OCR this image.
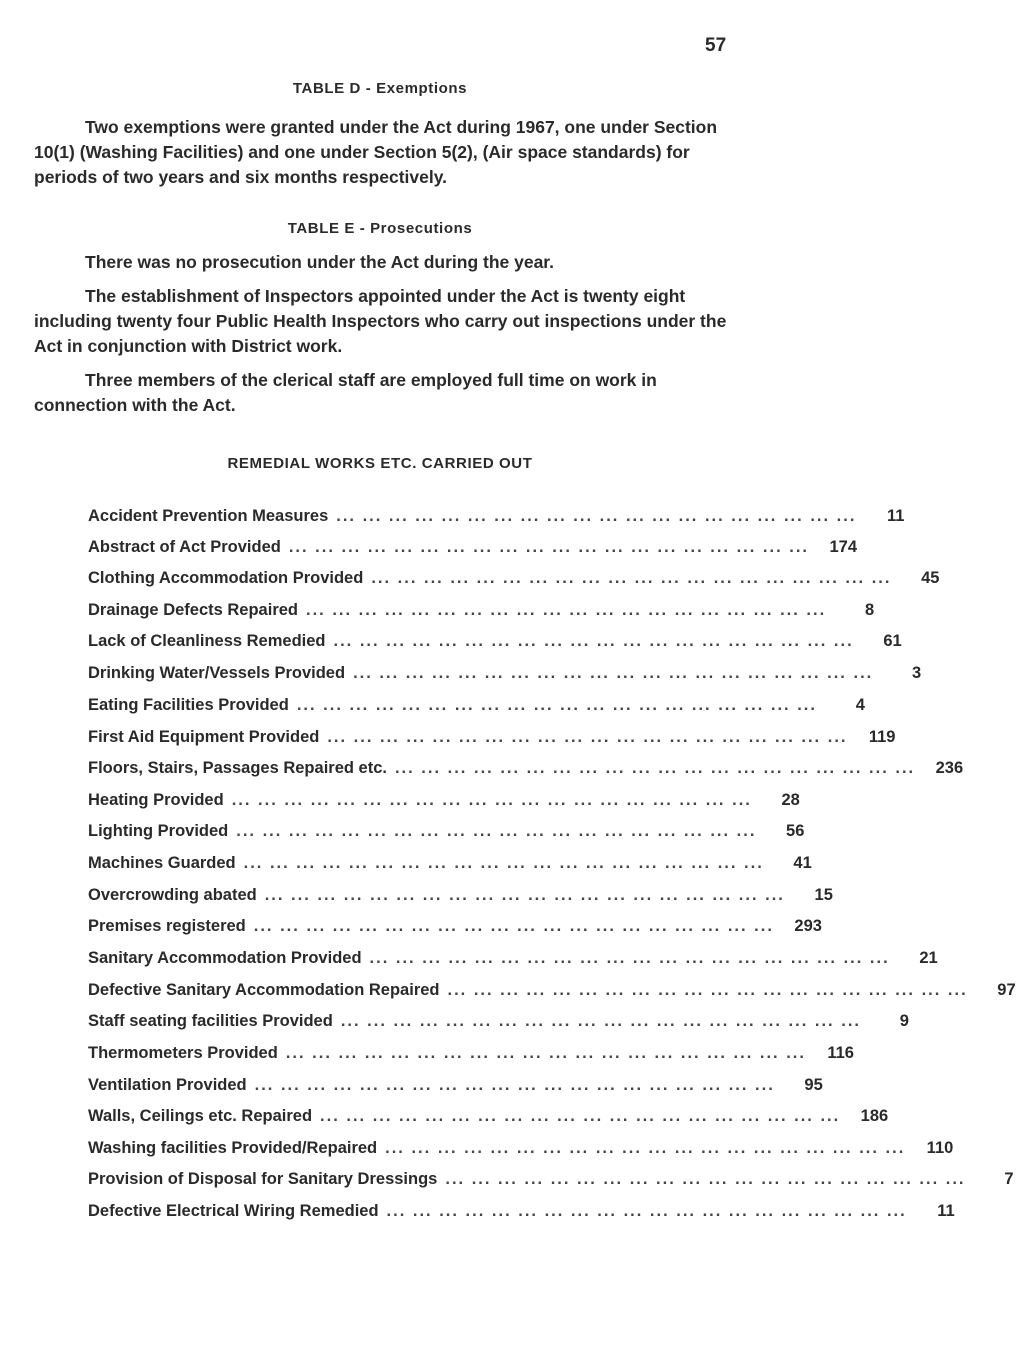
57
TABLE D - Exemptions

Two exemptions were granted under the Act during 1967, one under Section 10(1) (Washing Facilities) and one under Section 5(2), (Air space standards) for periods of two years and six months respectively.

TABLE E - Prosecutions

There was no prosecution under the Act during the year.

The establishment of Inspectors appointed under the Act is twenty eight including twenty four Public Health Inspectors who carry out inspections under the Act in conjunction with District work.

Three members of the clerical staff are employed full time on work in connection with the Act.

REMEDIAL WORKS ETC. CARRIED OUT
Accident Prevention Measures ... ... ... ... ... ... ... ... ... ... ... ... ... ... ... ... ... ... ... ...	11
Abstract of Act Provided ... ... ... ... ... ... ... ... ... ... ... ... ... ... ... ... ... ... ... ...	174
Clothing Accommodation Provided ... ... ... ... ... ... ... ... ... ... ... ... ... ... ... ... ... ... ... ...	45
Drainage Defects Repaired ... ... ... ... ... ... ... ... ... ... ... ... ... ... ... ... ... ... ... ...	8
Lack of Cleanliness Remedied ... ... ... ... ... ... ... ... ... ... ... ... ... ... ... ... ... ... ... ...	61
Drinking Water/Vessels Provided ... ... ... ... ... ... ... ... ... ... ... ... ... ... ... ... ... ... ... ...	3
Eating Facilities Provided ... ... ... ... ... ... ... ... ... ... ... ... ... ... ... ... ... ... ... ...	4
First Aid Equipment Provided ... ... ... ... ... ... ... ... ... ... ... ... ... ... ... ... ... ... ... ...	119
Floors, Stairs, Passages Repaired etc. ... ... ... ... ... ... ... ... ... ... ... ... ... ... ... ... ... ... ... ...	236
Heating Provided ... ... ... ... ... ... ... ... ... ... ... ... ... ... ... ... ... ... ... ...	28
Lighting Provided ... ... ... ... ... ... ... ... ... ... ... ... ... ... ... ... ... ... ... ...	56
Machines Guarded ... ... ... ... ... ... ... ... ... ... ... ... ... ... ... ... ... ... ... ...	41
Overcrowding abated ... ... ... ... ... ... ... ... ... ... ... ... ... ... ... ... ... ... ... ...	15
Premises registered ... ... ... ... ... ... ... ... ... ... ... ... ... ... ... ... ... ... ... ...	293
Sanitary Accommodation Provided ... ... ... ... ... ... ... ... ... ... ... ... ... ... ... ... ... ... ... ...	21
Defective Sanitary Accommodation Repaired ... ... ... ... ... ... ... ... ... ... ... ... ... ... ... ... ... ... ... ...	97
Staff seating facilities Provided ... ... ... ... ... ... ... ... ... ... ... ... ... ... ... ... ... ... ... ...	9
Thermometers Provided ... ... ... ... ... ... ... ... ... ... ... ... ... ... ... ... ... ... ... ...	116
Ventilation Provided ... ... ... ... ... ... ... ... ... ... ... ... ... ... ... ... ... ... ... ...	95
Walls, Ceilings etc. Repaired ... ... ... ... ... ... ... ... ... ... ... ... ... ... ... ... ... ... ... ...	186
Washing facilities Provided/Repaired ... ... ... ... ... ... ... ... ... ... ... ... ... ... ... ... ... ... ... ...	110
Provision of Disposal for Sanitary Dressings ... ... ... ... ... ... ... ... ... ... ... ... ... ... ... ... ... ... ... ...	7
Defective Electrical Wiring Remedied ... ... ... ... ... ... ... ... ... ... ... ... ... ... ... ... ... ... ... ...	11
